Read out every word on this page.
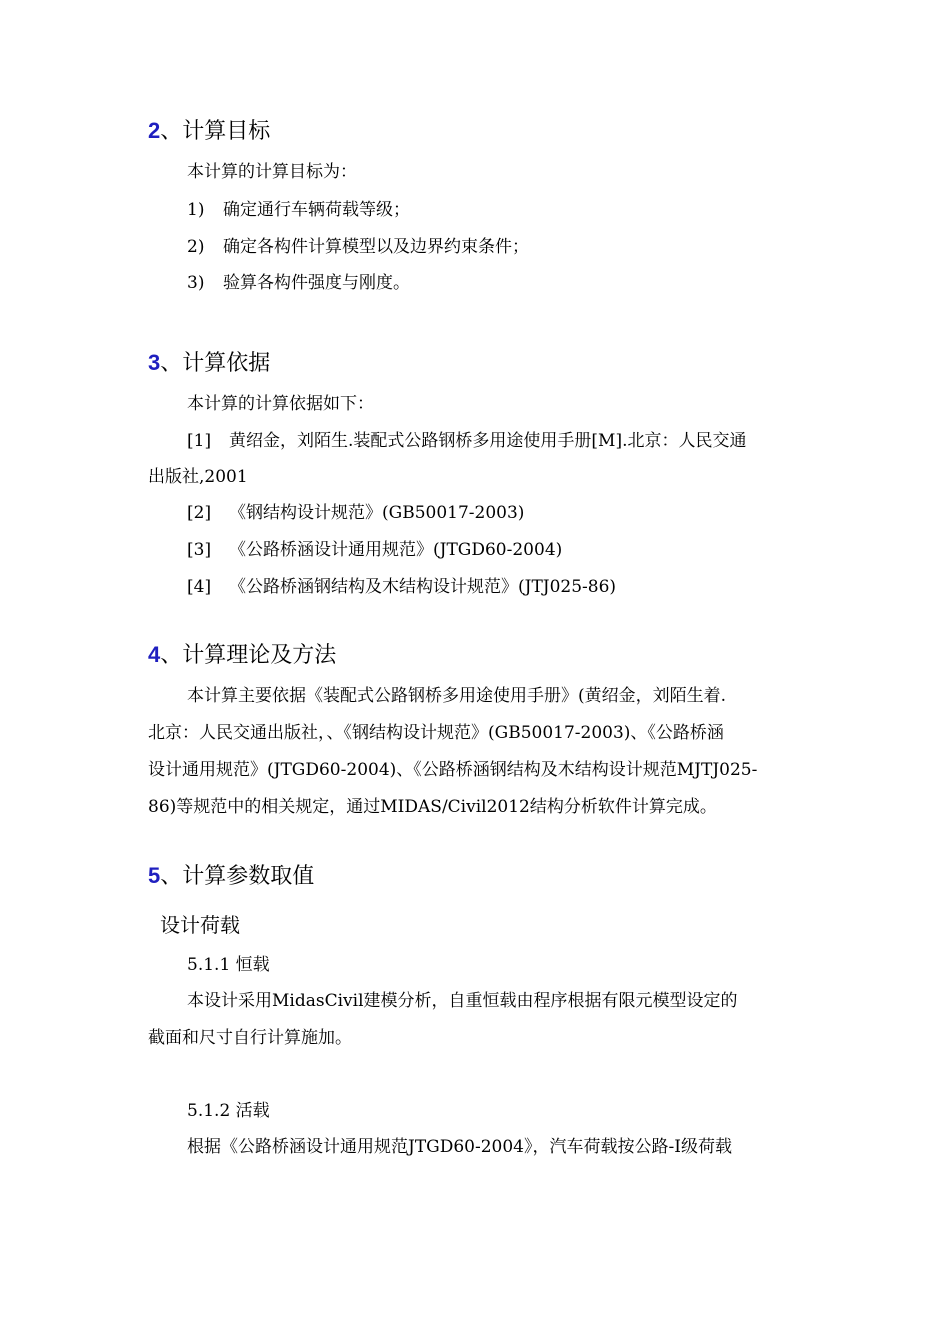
2、计算目标
本计算的计算目标为：
1) 确定通行车辆荷载等级；
2) 确定各构件计算模型以及边界约束条件；
3) 验算各构件强度与刚度。
3、计算依据
本计算的计算依据如下：
[1] 黄绍金，刘陌生.装配式公路钢桥多用途使用手册[M].北京：人民交通
出版社,2001
[2] 《钢结构设计规范》(GB50017-2003)
[3] 《公路桥涵设计通用规范》(JTGD60-2004)
[4] 《公路桥涵钢结构及木结构设计规范》(JTJ025-86)
4、计算理论及方法
本计算主要依据《装配式公路钢桥多用途使用手册》(黄绍金，刘陌生着.
北京：人民交通出版社，、《钢结构设计规范》(GB50017-2003)、《公路桥涵
设计通用规范》(JTGD60-2004)、《公路桥涵钢结构及木结构设计规范MJTJ025-
86)等规范中的相关规定，通过MIDAS/Civil2012结构分析软件计算完成。
5、计算参数取值
设计荷载
5.1.1 恒载
本设计采用MidasCivil建模分析，自重恒载由程序根据有限元模型设定的
截面和尺寸自行计算施加。
5.1.2 活载
根据《公路桥涵设计通用规范JTGD60-2004》，汽车荷载按公路-I级荷载
